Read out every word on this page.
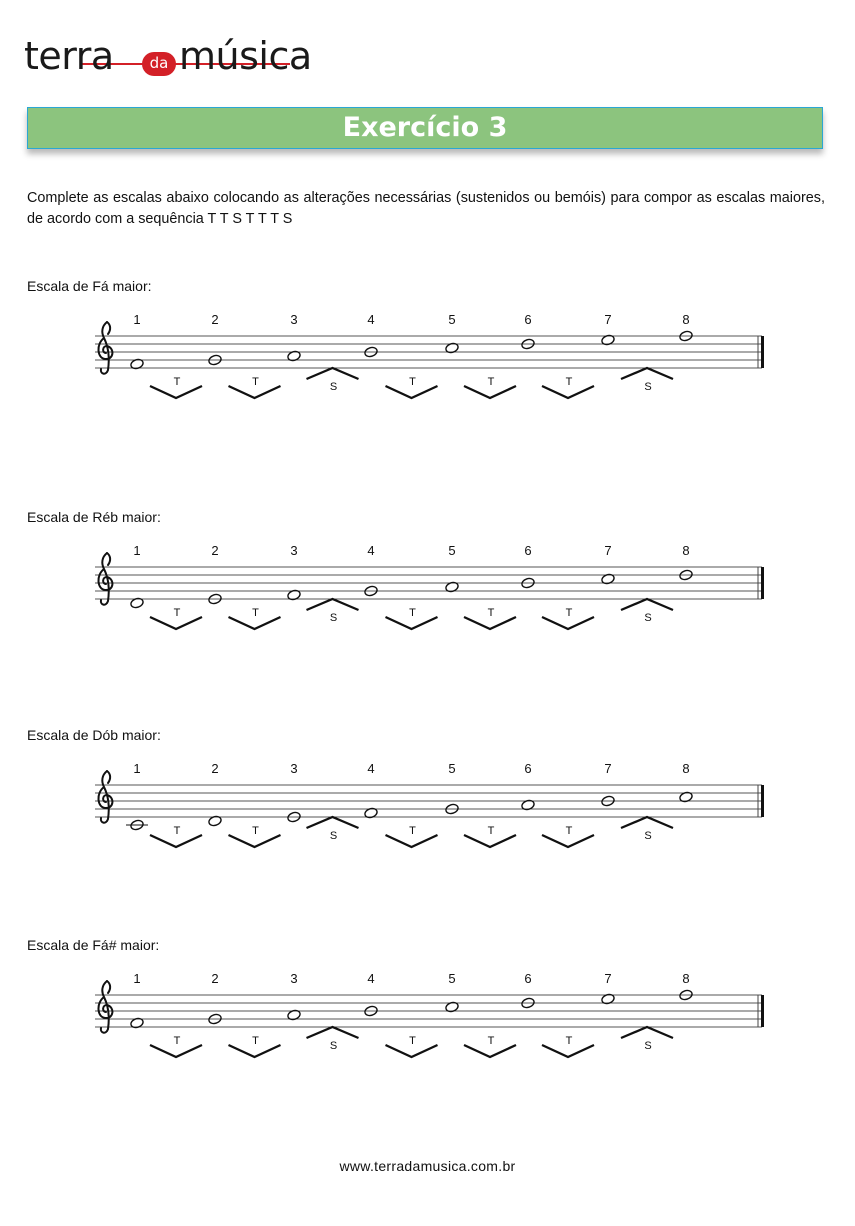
terra	da música
Exercício 3

Complete as escalas abaixo colocando as alterações necessárias (sustenidos ou bemóis) para compor as escalas maiores, de acordo com a sequência T T S T T T S

Escala de Fá maior:
1	2	3	4	5	6	7	8
T	T	S	T	T	T	S
Escala de Réb maior:
1	2	3	4	5	6	7	8
T	T	S	T	T	T	S
Escala de Dób maior:
1	2	3	4	5	6	7	8
T	T	S	T	T	T	S
Escala de Fá# maior:
1	2	3	4	5	6	7	8
T	T	S	T	T	T	S
www.terradamusica.com.br
